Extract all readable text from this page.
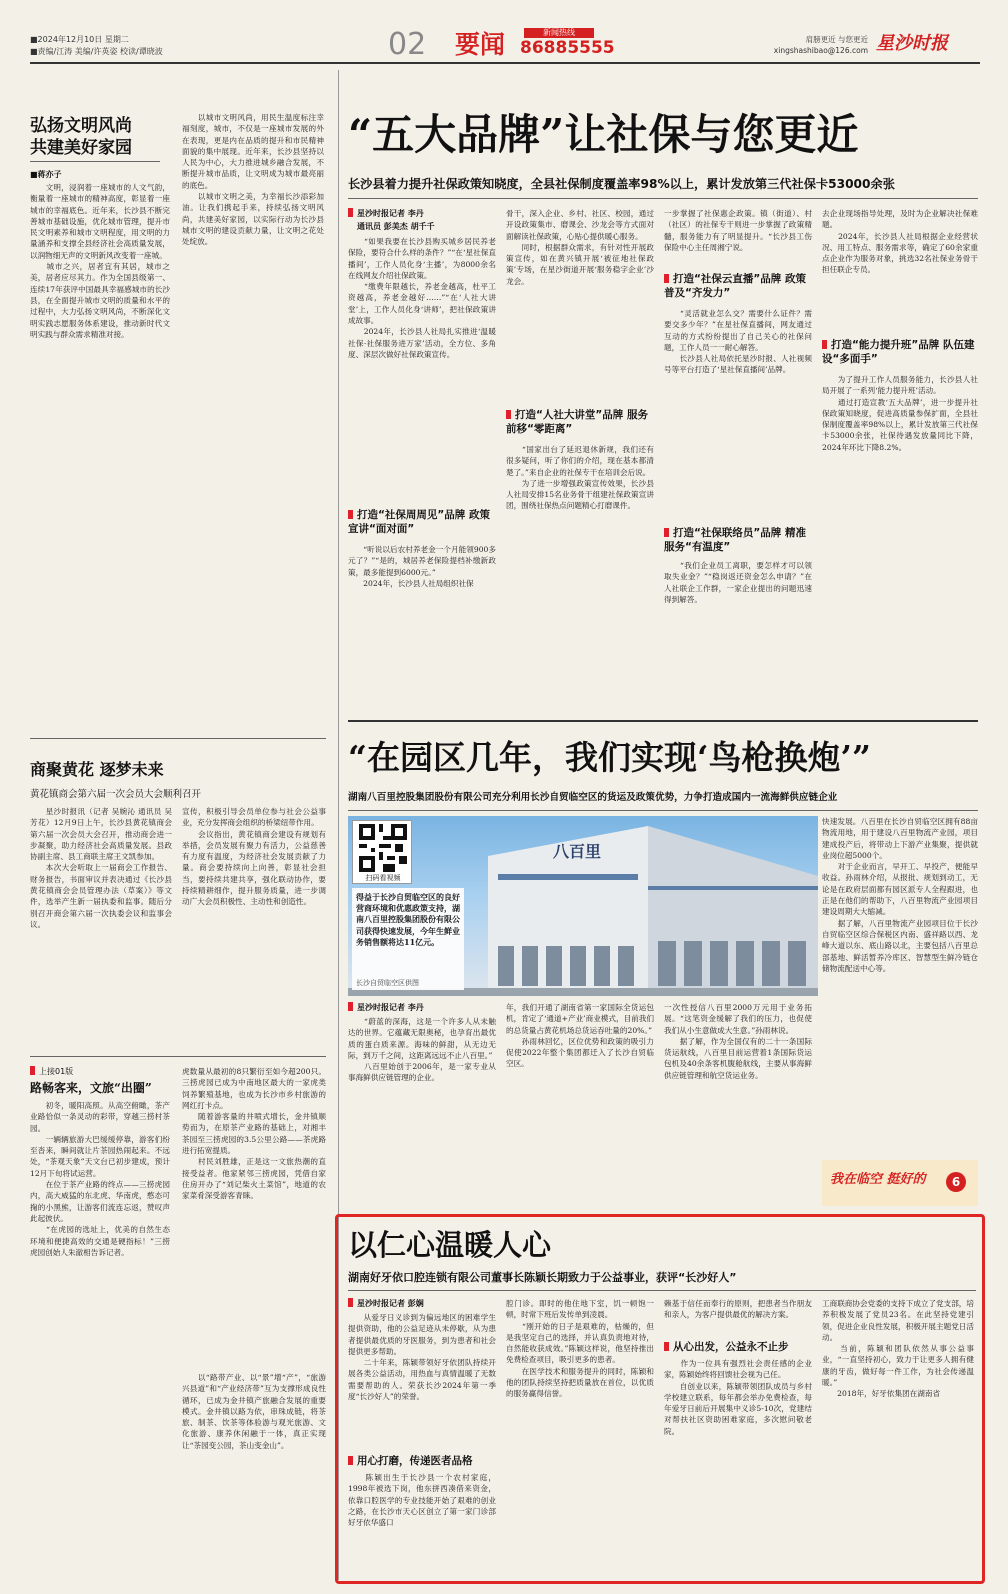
■2024年12月10日 星期二
■责编/江涛 美编/许英姿 校读/谭晓波	02	要闻	新闻热线
86885555	肩膀更近 与您更近
xingshashibao@126.com 星沙时报
弘扬文明风尚
共建美好家园
■蒋亦子
　　文明，浸润着一座城市的人文气韵，衡量着一座城市的精神高度，彰显着一座城市的幸福底色。近年来，长沙县不断完善城市基础设施，优化城市管理，提升市民文明素养和城市文明程度，用文明的力量涵养和支撑全县经济社会高质量发展，以润物细无声的文明新风改变着一座城。
　　城市之兴，居者宜有其居，城市之美，居者应尽其力。作为全国县级第一、连续17年获评中国最具幸福感城市的长沙县，在全面提升城市文明的质量和水平的过程中，大力弘扬文明风尚，不断深化文明实践志愿服务体系建设，推动新时代文明实践与群众需求精准对接。
　　以城市文明风尚，用民生温度标注幸福刻度，城市，不仅是一座城市发展的外在表现，更是内在品质的提升和市民精神面貌的集中展现。近年来，长沙县坚持以人民为中心，大力推进城乡融合发展，不断提升城市品质，让文明成为城市最亮丽的底色。
　　以城市文明之美，为幸福长沙添彩加油。让我们携起手来，持续弘扬文明风尚，共建美好家园，以实际行动为长沙县城市文明的建设贡献力量，让文明之花处处绽放。
商聚黄花 逐梦未来
黄花镇商会第六届一次会员大会顺利召开
　　星沙时报讯（记者 吴婉沁 通讯员 吴芳花）12月9日上午，长沙县黄花镇商会第六届一次会员大会召开，推动商会进一步凝聚，助力经济社会高质量发展。县政协副主席、县工商联主席王文凯参加。
　　本次大会听取上一届商会工作报告、财务报告，书面审议并表决通过《长沙县黄花镇商会会员管理办法（草案）》等文件，选举产生新一届执委和监事。随后分别召开商会第六届一次执委会议和监事会议。
宣传，积极引导会员单位参与社会公益事业，充分发挥商会组织的桥梁纽带作用。
　　会议指出，黄花镇商会建设有规划有举措，会员发展有聚力有活力，公益慈善有力度有温度，为经济社会发展贡献了力量。商会要持续向上向善，彰显社会担当，要持续共建共享，强化联动协作，要持续精耕细作，提升服务质量，进一步调动广大会员积极性、主动性和创造性。
上接01版
路畅客来，文旅“出圈”
　　初冬，暖阳高照。从高空俯瞰，茶产业路恰似一条灵动的彩带，穿越三捞村茶园。
　　一辆辆旅游大巴缓缓停靠，游客们纷至沓来，瞬间就让片茶园热闹起来。不远处，“茶观天象”天文台已初步建成，预计12月下旬将试运营。
　　在位于茶产业路的终点——三捞虎园内，高大威猛的东北虎、华南虎，憨态可掬的小黑熊，让游客们流连忘返，赞叹声此起彼伏。
　　“在虎园的选址上，优美的自然生态环境和便捷高效的交通是硬指标！”三捞虎园创始人朱澈相告诉记者。
虎数量从最初的8只繁衍至如今超200只。三捞虎园已成为中南地区最大的一家虎类饲养繁殖基地，也成为长沙市乡村旅游的网红打卡点。
　　随着游客量的井喷式增长，金井镇顺势而为，在原茶产业路的基础上，对湘丰茶园至三捞虎园的3.5公里公路——茶虎路进行拓宽提质。
　　村民刘胜雄，正是这一文旅热潮的直接受益者。他家紧邻三捞虎园，凭借自家住房开办了“刘记柴火土菜馆”，地道的农家菜肴深受游客青睐。
　　以“路带产业、以“景”增“产”，“旅游兴县道”和“产业经济带”互为支撑形成良性循环，已成为金井镇产旅融合发展的重要模式。金井镇以路为依，串珠成链，将茶旅、制茶、饮茶等体验游与观光旅游、文化旅游、康养休闲融于一体，真正实现让“茶园变公园，茶山变金山”。
“五大品牌”让社保与您更近
长沙县着力提升社保政策知晓度，全县社保制度覆盖率98%以上，累计发放第三代社保卡53000余张
星沙时报记者 李丹
通讯员 彭美杰 胡千千
　　“如果我要在长沙县购买城乡居民养老保险，要符合什么样的条件？”“在‘星社保直播间’，工作人员化身‘主播’，为8000余名在线网友介绍社保政策。
　　“缴费年限越长，养老金越高，杜平工资越高，养老金越好……”“在‘人社大讲堂’上，工作人员化身‘讲师’，把社保政策讲成故事。
　　2024年，长沙县人社局扎实推进‘温暖社保·社保服务进万家’活动，全方位、多角度、深层次做好社保政策宣传。
打造“社保周周见”品牌 政策宣讲“面对面”
　　“听说以后农村养老金一个月能领900多元了？”“是的，城居养老保险提档补缴新政策，最多能提到6000元。”
　　2024年，长沙县人社局组织社保
骨干，深入企业、乡村、社区、校园，通过开设政策集市、磨课会、沙龙会等方式面对面解读社保政策，心贴心提供暖心服务。
　　同时，根据群众需求，有针对性开展政策宣传，如在黄兴镇开展‘被征地社保政策’专场，在星沙街道开展‘服务稳字企业’沙龙会。
打造“人社大讲堂”品牌 服务前移“零距离”
　　“国家出台了延迟退休新规，我们还有很多疑问，听了你们的介绍，现在基本都清楚了。”来自企业的社保专干在培训会后说。
　　为了进一步增强政策宣传效果，长沙县人社局安排15名业务骨干组建社保政策宣讲团，围绕社保热点问题精心打磨课件。
一步掌握了社保惠企政策。镇（街道）、村（社区）的社保专干则进一步掌握了政策精髓，服务能力有了明显提升。“长沙县工伤保险中心主任周湘宁说。
打造“社保云直播”品牌 政策普及“齐发力”
　　“灵活就业怎么交？需要什么证件？需要交多少年？”在星社保直播间，网友通过互动的方式纷纷提出了自己关心的社保问题，工作人员一一耐心解答。
　　长沙县人社局依托星沙时报、人社视频号等平台打造了‘星社保直播间’品牌。
打造“社保联络员”品牌 精准服务“有温度”
　　“我们企业员工离职，要怎样才可以领取失业金？”“稳岗返还资金怎么申请？”在人社联企工作群，一家企业提出的问题迅速得到解答。
去企业现场指导处理，及时为企业解决社保难题。
　　2024年，长沙县人社局根据企业经营状况、用工特点、服务需求等，确定了60余家重点企业作为服务对象，挑选32名社保业务骨干担任联企专员。
打造“能力提升班”品牌 队伍建设“多面手”
　　为了提升工作人员服务能力，长沙县人社局开展了一系列‘能力提升班’活动。
　　通过打造宣教‘五大品牌’，进一步提升社保政策知晓度，促进高质量参保扩面，全县社保制度覆盖率98%以上，累计发放第三代社保卡53000余张，社保待遇发放量同比下降，2024年环比下降8.2%。
“在园区几年，我们实现‘鸟枪换炮’”
湖南八百里控股集团股份有限公司充分利用长沙自贸临空区的货运及政策优势，力争打造成国内一流海鲜供应链企业
八百里
扫码看视频
得益于长沙自贸临空区的良好营商环境和优惠政策支持，湖南八百里控股集团股份有限公司获得快速发展，今年生鲜业务销售额将达11亿元。
长沙自贸临空区供图
星沙时报记者 李丹
　　“蔚蓝的深海，这是一个许多人从未触达的世界。它蕴藏无限奥秘，也孕育出最优质的蛋白质来源。海味的鲜甜，从无边无际，到万千之间，这距离远远不止八百里。”
　　八百里始创于2006年，是一家专业从事海鲜供应链管理的企业。
年，我们开通了湖南省第一家国际全货运包机，肯定了‘通道+产业’商业模式，目前我们的总货量占黄花机场总货运吞吐量的20%。”
　　孙雨林回忆，区位优势和政策的吸引力促使2022年整个集团都迁入了长沙自贸临空区。
一次性授信八百里2000万元用于业务拓展。“这笔资金缓解了我们的压力，也促使我们从小生意做成大生意。”孙雨林说。
　　据了解，作为全国仅有的二十一条国际货运航线，八百里目前运营着1条国际货运包机及40余条客机腹舱航线，主要从事海鲜供应链管理和航空货运业务。
快速发展。八百里在长沙自贸临空区拥有88亩物流用地，用于建设八百里物流产业园，项目建成投产后，将带动上下游产业集聚，提供就业岗位超5000个。
　　对于企业而言，早开工、早投产，便能早收益。孙雨林介绍，从报批、规划到动工，无论是在政府层面都有园区派专人全程跟进，也正是在他们的帮助下，八百里物流产业园项目建设周期大大缩减。
　　据了解，八百里物流产业园项目位于长沙自贸临空区综合保税区内南、盛祥路以西、龙峰大道以东、底山路以北，主要包括八百里总部基地、鲜活暂养冷库区、智慧型生鲜冷链仓储物流配送中心等。
我在临空 挺好的	6
以仁心温暖人心
湖南好牙依口腔连锁有限公司董事长陈颖长期致力于公益事业，获评“长沙好人”
星沙时报记者 彭娴
　　从爱牙日义诊到为偏远地区的困难学生提供资助，他的公益足迹从未停歇，从为患者提供最优质的牙医服务，到为患者和社会提供更多帮助。
　　二十年来，陈颖带领好牙依团队持续开展各类公益活动，用热血与真情温暖了无数需要帮助的人。荣获长沙2024年第一季度“长沙好人”的荣誉。
用心打磨，传递医者品格
　　陈颖出生于长沙县一个农村家庭，1998年被选下岗，他东拼西凑借来资金，依靠口腔医学的专业技能开始了艰难的创业之路，在长沙市天心区创立了第一家门诊部好牙依华盛口
腔门诊。即时的他住地下室，饥一顿饱一顿，时常下班后发传单到凌晨。
　　“刚开始的日子是艰难的，枯燥的，但是我坚定自己的选择，并认真负责地对待，自然能收获成效。”陈颖这样说，他坚持推出免费检查项目，吸引更多的患者。
　　在医学技术和服务提升的同时，陈颖和他的团队持续坚持把质量放在首位，以优质的服务赢得信誉。
赖基于信任而奉行的原则，把患者当作朋友和亲人，为客户提供最优的解决方案。
从心出发，公益永不止步
　　作为一位具有强烈社会责任感的企业家，陈颖始终将回馈社会视为己任。
　　自创业以来，陈颖带领团队成员与乡村学校建立联系，每年都会举办免费检查，每年爱牙日前后开展集中义诊5-10次，党建结对帮扶社区资助困难家庭，多次慰问敬老院。
工商联商协会党委的支持下成立了党支部，培养积极发展了党员23名。在此坚持党建引领，促进企业良性发展，积极开展主题党日活动。
　　当前，陈颖和团队依然从事公益事业，“一直坚持初心，致力于让更多人拥有健康的牙齿，做好每一件工作，为社会传递温暖。”
　　2018年，好牙依集团在湖南省
